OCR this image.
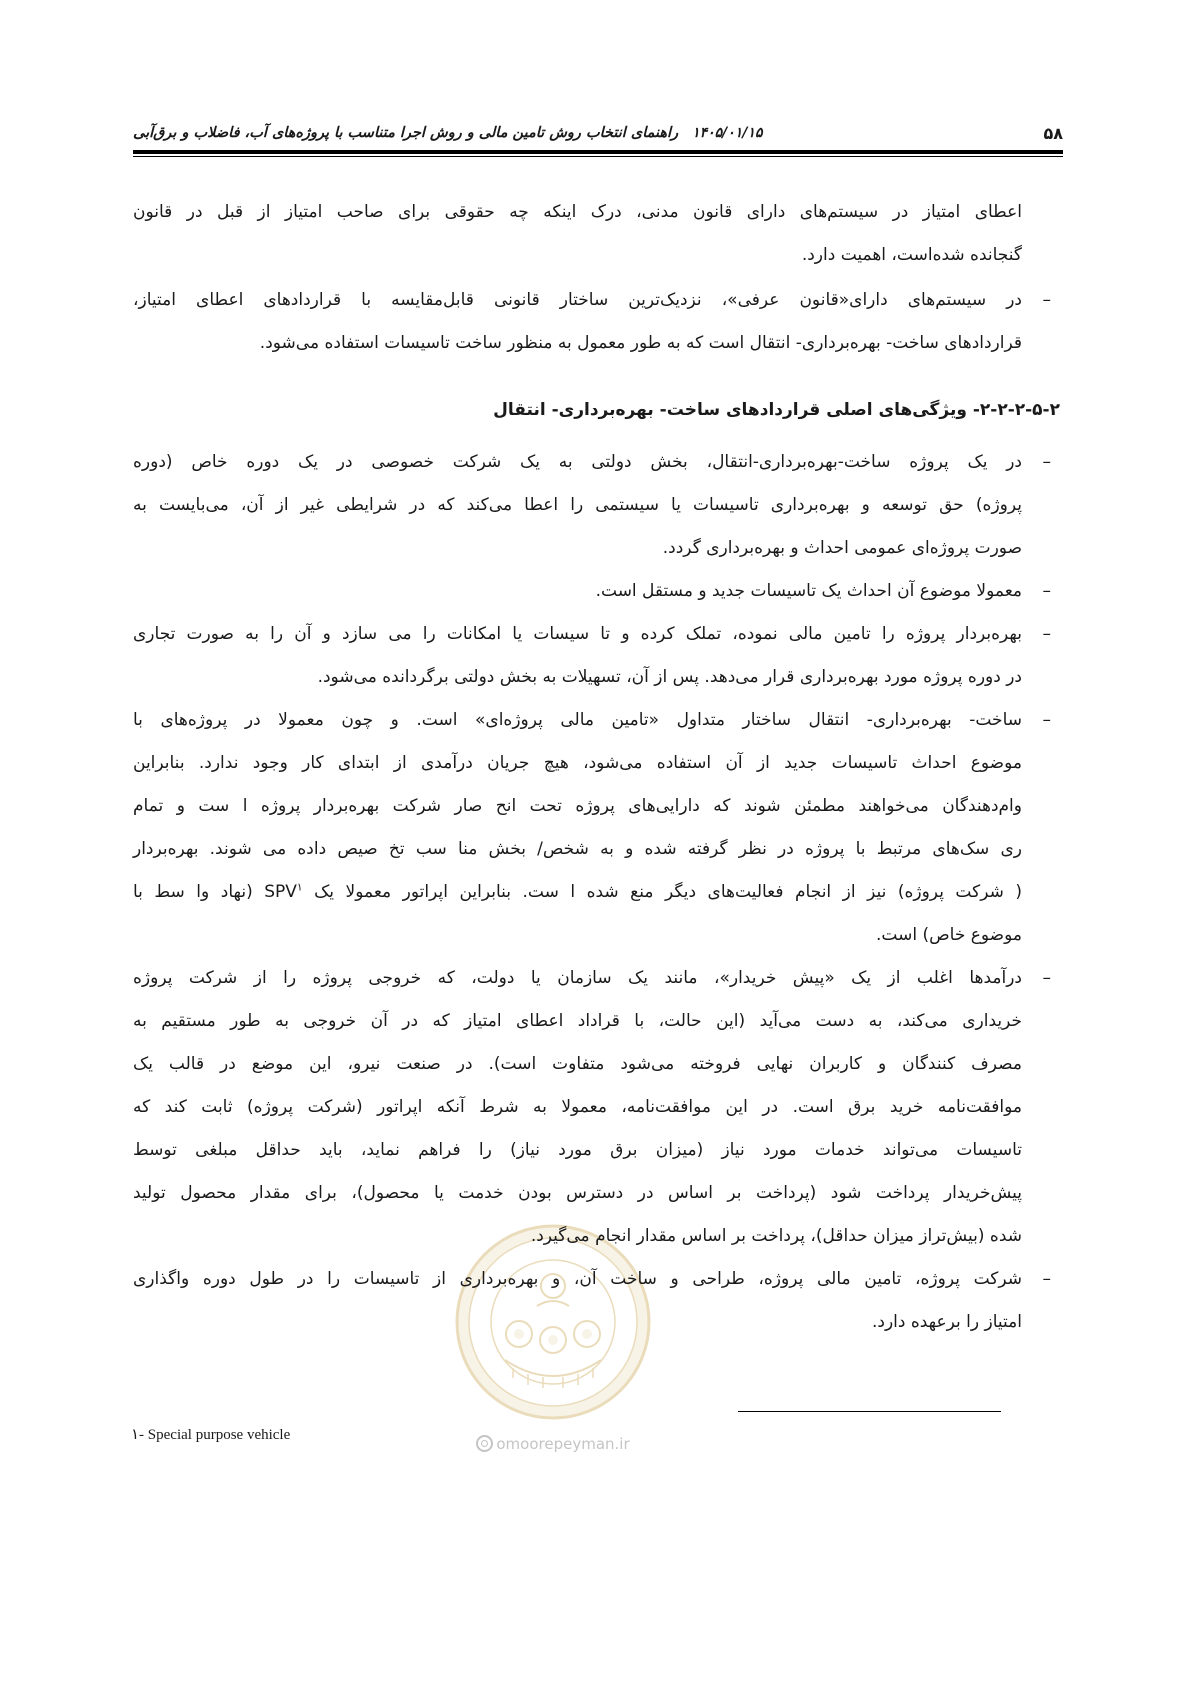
omoorepeyman.ir
۵۸
۱۴۰۵/۰۱/۱۵
راهنمای انتخاب روش تامین مالی و روش اجرا متناسب با پروژه‌های آب، فاضلاب و برق‌آبی
اعطای امتیاز در سیستم‌های دارای قانون مدنی، درک اینکه چه حقوقی برای صاحب امتیاز از قبل در قانون
گنجانده شده‌است، اهمیت دارد.
–
در سیستم‌های دارای«قانون عرفی»، نزدیک‌ترین ساختار قانونی قابل‌مقایسه با قراردادهای اعطای امتیاز،
قراردادهای ساخت- بهره‌برداری- انتقال است که به طور معمول به منظور ساخت تاسیسات استفاده می‌شود.
۲-۲-۲-۵-۲- ویژگی‌های اصلی قراردادهای ساخت- بهره‌برداری- انتقال
–
در یک پروژه ساخت-بهره‌برداری-انتقال، بخش دولتی به یک شرکت خصوصی در یک دوره خاص (دوره
پروژه) حق توسعه و بهره‌برداری تاسیسات یا سیستمی را اعطا می‌کند که در شرایطی غیر از آن، می‌بایست به
صورت پروژه‌ای عمومی احداث و بهره‌برداری گردد.
–
معمولا موضوع آن احداث یک تاسیسات جدید و مستقل است.
–
بهره‌بردار پروژه را تامین مالی نموده، تملک کرده و تا سیسات یا امکانات را می سازد و آن را به صورت تجاری
در دوره پروژه مورد بهره‌برداری قرار می‌دهد. پس از آن، تسهیلات به بخش دولتی برگردانده می‌شود.
–
ساخت- بهره‌برداری- انتقال ساختار متداول «تامین مالی پروژه‌ای» است. و چون معمولا در پروژه‌های با
موضوع احداث تاسیسات جدید از آن استفاده می‌شود، هیچ جریان درآمدی از ابتدای کار وجود ندارد. بنابراین
وام‌دهندگان می‌خواهند مطمئن شوند که دارایی‌های پروژه تحت انح صار شرکت بهره‌بردار پروژه ا ست و تمام
ری سک‌های مرتبط با پروژه در نظر گرفته شده و به شخص/ بخش منا سب تخ صیص داده می شوند. بهره‌بردار
( شرکت پروژه) نیز از انجام فعالیت‌های دیگر منع شده ا ست. بنابراین اپراتور معمولا یک SPV$^۱$ (نهاد وا سط با
موضوع خاص) است.
–
درآمدها اغلب از یک «پیش خریدار»، مانند یک سازمان یا دولت، که خروجی پروژه را از شرکت پروژه
خریداری می‌کند، به دست می‌آید (این حالت، با قراداد اعطای امتیاز که در آن خروجی به طور مستقیم به
مصرف کنندگان و کاربران نهایی فروخته می‌شود متفاوت است). در صنعت نیرو، این موضع در قالب یک
موافقت‌نامه خرید برق است. در این موافقت‌نامه، معمولا به شرط آنکه اپراتور (شرکت پروژه) ثابت کند که
تاسیسات می‌تواند خدمات مورد نیاز (میزان برق مورد نیاز) را فراهم نماید، باید حداقل مبلغی توسط
پیش‌خریدار پرداخت شود (پرداخت بر اساس در دسترس بودن خدمت یا محصول)، برای مقدار محصول تولید
شده (بیش‌تراز میزان حداقل)، پرداخت بر اساس مقدار انجام می‌گیرد.
–
شرکت پروژه، تامین مالی پروژه، طراحی و ساخت آن، و بهره‌برداری از تاسیسات را در طول دوره واگذاری
امتیاز را برعهده دارد.
۱- Special purpose vehicle
